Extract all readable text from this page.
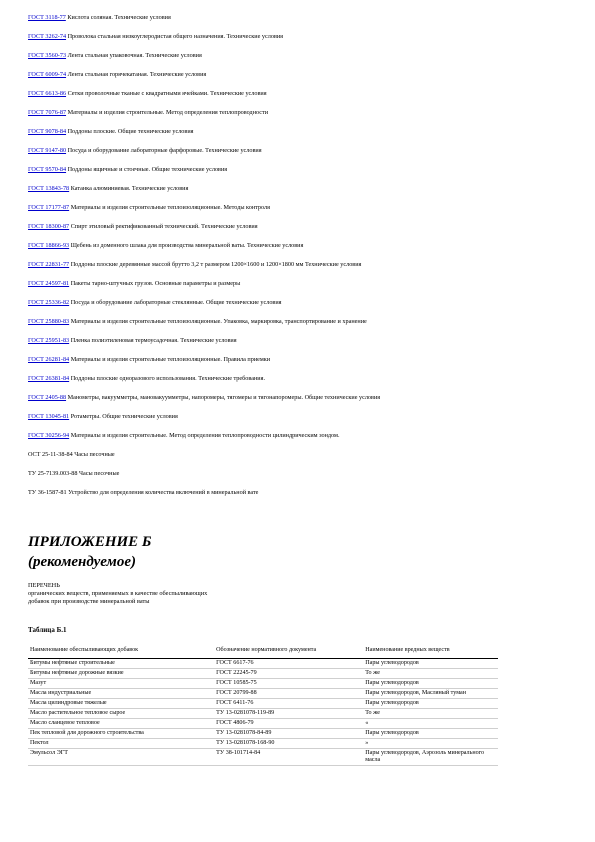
ГОСТ 3118-77 Кислота соляная. Технические условия
ГОСТ 3262-74 Проволока стальная низкоуглеродистая общего назначения. Технические условия
ГОСТ 3560-73 Лента стальная упаковочная. Технические условия
ГОСТ 6009-74 Лента стальная горячекатаная. Технические условия
ГОСТ 6613-86 Сетки проволочные тканые с квадратными ячейками. Технические условия
ГОСТ 7076-87 Материалы и изделия строительные. Метод определения теплопроводности
ГОСТ 9078-84 Поддоны плоские. Общие технические условия
ГОСТ 9147-80 Посуда и оборудование лабораторные фарфоровые. Технические условия
ГОСТ 9570-84 Поддоны ящичные и стоечные. Общие технические условия
ГОСТ 13843-78 Катанка алюминиевая. Технические условия
ГОСТ 17177-87 Материалы и изделия строительные теплоизоляционные. Методы контроля
ГОСТ 18300-87 Спирт этиловый ректификованный технический. Технические условия
ГОСТ 18866-93 Щебень из доменного шлака для производства минеральной ваты. Технические условия
ГОСТ 22831-77 Поддоны плоские деревянные массой брутто 3,2 т размером 1200×1600 и 1200×1800 мм Технические условия
ГОСТ 24597-81 Пакеты тарно-штучных грузов. Основные параметры и размеры
ГОСТ 25336-82 Посуда и оборудование лабораторные стеклянные. Общие технические условия
ГОСТ 25880-83 Материалы и изделия строительные теплоизоляционные. Упаковка, маркировка, транспортирование и хранение
ГОСТ 25951-83 Пленка полиэтиленовая термоусадочная. Технические условия
ГОСТ 26281-84 Материалы и изделия строительные теплоизоляционные. Правила приемки
ГОСТ 26381-84 Поддоны плоские одноразового использования. Технические требования.
ГОСТ 2405-88 Манометры, вакуумметры, мановакуумметры, напоромеры, тягомеры и тягонапоромеры. Общие технические условия
ГОСТ 13045-81 Ротаметры. Общие технические условия
ГОСТ 30256-94 Материалы и изделия строительные. Метод определения теплопроводности цилиндрическим зондом.
ОСТ 25-11-38-84 Часы песочные
ТУ 25-7139.003-88 Часы песочные
ТУ 36-1587-81 Устройство для определения количества включений в минеральной вате
ПРИЛОЖЕНИЕ Б
(рекомендуемое)
ПЕРЕЧЕНЬ
органических веществ, применяемых в качестве обеспыливающих
добавок при производстве минеральной ваты
Таблица Б.1
Наименование обеспыливающих добавок	Обозначение нормативного документа	Наименование вредных веществ
Битумы нефтяные строительные	ГОСТ 6617-76	Пары углеводородов
Битумы нефтяные дорожные вязкие	ГОСТ 22245-79	То же
Мазут	ГОСТ 10585-75	Пары углеводородов
Масла индустриальные	ГОСТ 20799-88	Пары углеводородов, Масляный туман
Масла цилиндровые тяжелые	ГОСТ 6411-76	Пары углеводородов
Масло растительное тепловое сырое	ТУ 13-0281078-119-89	То же
Масло сланцевое тепловое	ГОСТ 4806-79	«
Пек тепловой для дорожного строительства	ТУ 13-0281078-84-89	Пары углеводородов
Пектол	ТУ 13-0281078-168-90	»
Эмульсол ЭГТ	ТУ 38-101714-84	Пары углеводородов, Аэрозоль минерального масла
